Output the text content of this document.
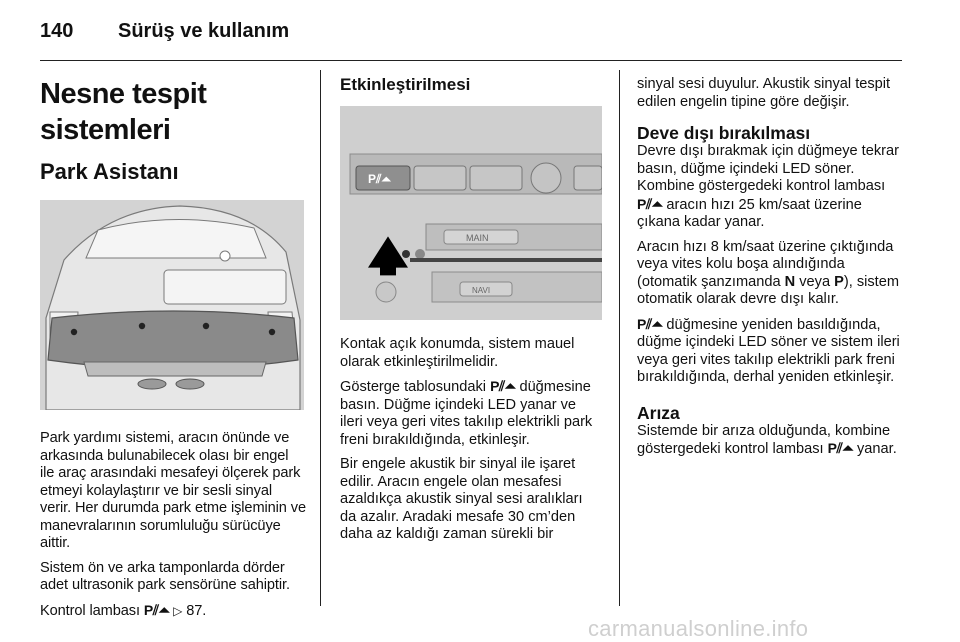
140	Sürüş ve kullanım
Nesne tespit sistemleri
Park Asistanı

Park yardımı sistemi, aracın önünde ve arkasında bulunabilecek olası bir engel ile araç arasındaki mesafeyi ölçerek park etmeyi kolaylaştırır ve bir sesli sinyal verir. Her durumda park etme işleminin ve manevralarının sorumluluğu sürücüye aittir.

Sistem ön ve arka tamponlarda dörder adet ultrasonik park sensörüne sahiptir.

Kontrol lambası P⫽⏶ ▷ 87.

Etkinleştirilmesi
P⫽⏶
MAIN
NAVI

Kontak açık konumda, sistem mauel olarak etkinleştirilmelidir.

Gösterge tablosundaki P⫽⏶ düğmesine basın. Düğme içindeki LED yanar ve ileri veya geri vites takılıp elektrikli park freni bırakıldığında, etkinleşir.

Bir engele akustik bir sinyal ile işaret edilir. Aracın engele olan mesafesi azaldıkça akustik sinyal sesi aralıkları da azalır. Aradaki mesafe 30 cm’den daha az kaldığı zaman sürekli bir

sinyal sesi duyulur. Akustik sinyal tespit edilen engelin tipine göre değişir.

Deve dışı bırakılması

Devre dışı bırakmak için düğmeye tekrar basın, düğme içindeki LED söner. Kombine göstergedeki kontrol lambası P⫽⏶ aracın hızı 25 km/saat üzerine çıkana kadar yanar.

Aracın hızı 8 km/saat üzerine çıktığında veya vites kolu boşa alındığında (otomatik şanzımanda N veya P), sistem otomatik olarak devre dışı kalır.

P⫽⏶ düğmesine yeniden basıldığında, düğme içindeki LED söner ve sistem ileri veya geri vites takılıp elektrikli park freni bırakıldığında, derhal yeniden etkinleşir.

Arıza

Sistemde bir arıza olduğunda, kombine göstergedeki kontrol lambası P⫽⏶ yanar.

carmanualsonline.info
